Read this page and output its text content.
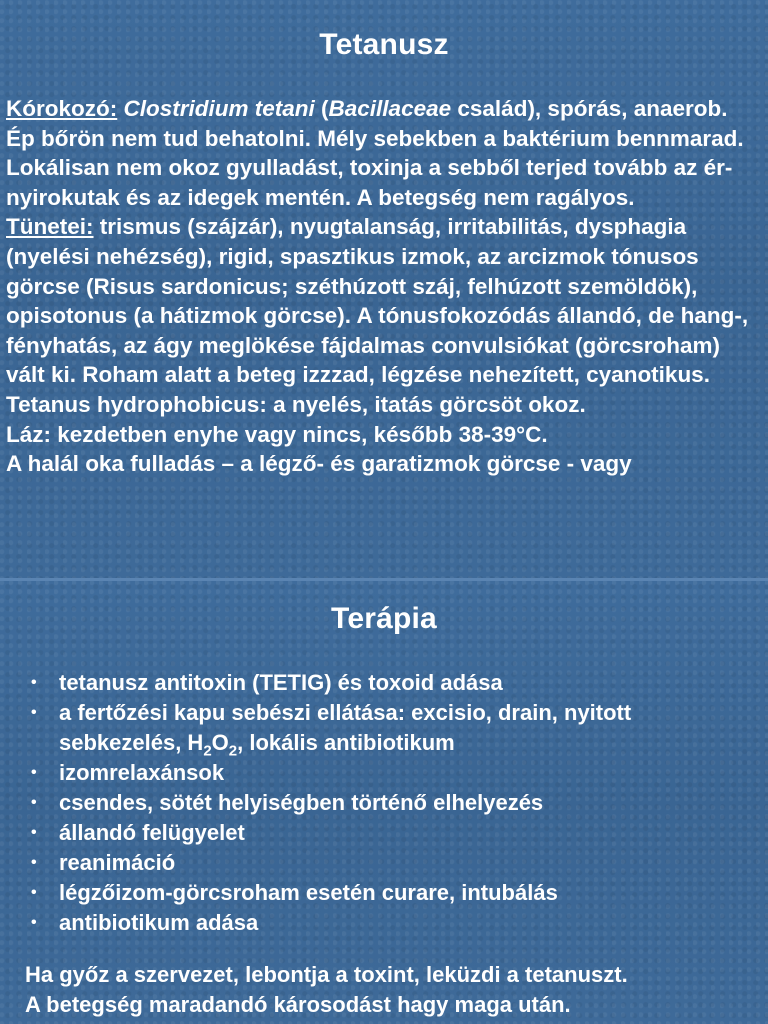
Tetanusz

Kórokozó: Clostridium tetani (Bacillaceae család), spórás, anaerob.

Ép bőrön nem tud behatolni. Mély sebekben a baktérium bennmarad. Lokálisan nem okoz gyulladást, toxinja a sebből terjed tovább az ér-nyirokutak és az idegek mentén. A betegség nem ragályos.

Tünetei: trismus (szájzár), nyugtalanság, irritabilitás, dysphagia (nyelési nehézség), rigid, spasztikus izmok, az arcizmok tónusos görcse (Risus sardonicus; széthúzott száj, felhúzott szemöldök), opisotonus (a hátizmok görcse). A tónusfokozódás állandó, de hang-, fényhatás, az ágy meglökése fájdalmas convulsiókat (görcsroham) vált ki. Roham alatt a beteg izzzad, légzése nehezített, cyanotikus.

Tetanus hydrophobicus: a nyelés, itatás görcsöt okoz.

Láz: kezdetben enyhe vagy nincs, később 38-39°C.

A halál oka fulladás – a légző- és garatizmok görcse - vagy

Terápia
• tetanusz antitoxin (TETIG) és toxoid adása
• a fertőzési kapu sebészi ellátása: excisio, drain, nyitott sebkezelés, $H_2O_2$, lokális antibiotikum
• izomrelaxánsok
• csendes, sötét helyiségben történő elhelyezés
• állandó felügyelet
• reanimáció
• légzőizom-görcsroham esetén curare, intubálás
• antibiotikum adása
Ha győz a szervezet, lebontja a toxint, leküzdi a tetanuszt.
A betegség maradandó károsodást hagy maga után.
